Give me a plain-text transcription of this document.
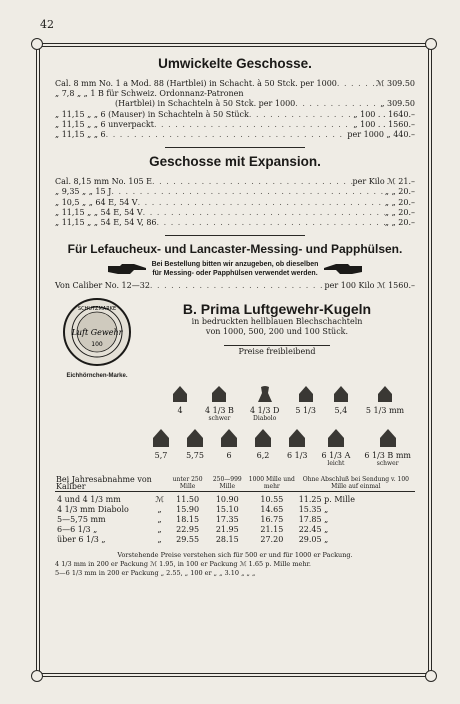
42
Umwickelte Geschosse.
Cal. 8 mm No. 1 a Mod. 88 (Hartblei) in Schacht. à 50 Stck. per 1000 . . .	ℳ 309.50
„ 7,8 „ „ 1 B für Schweiz. Ordonnanz-Patronen
(Hartblei) in Schachteln à 50 Stck. per 1000 . . .	„ 309.50
„ 11,15 „ „ 6 (Mauser) in Schachteln à 50 Stück . . .	„ 100 . . 1640.–
„ 11,15 „ „ 6 unverpackt . . .	„ 100 . . 1560.–
„ 11,15 „ „ 6 . . .	per 1000 „ 440.–
Geschosse mit Expansion.
Cal. 8,15 mm No. 105 E . . .	per Kilo ℳ 21.–
„ 9,35 „ „ 15 J . . .	„ „ 20.–
„ 10,5 „ „ 64 E, 54 V . . .	„ „ 20.–
„ 11,15 „ „ 54 E, 54 V . . .	„ „ 20.–
„ 11,15 „ „ 54 E, 54 V, 86 . . .	„ „ 20.–
Für Lefaucheux- und Lancaster-Messing- und Papphülsen.
Bei Bestellung bitten wir anzugeben, ob dieselben
für Messing- oder Papphülsen verwendet werden.
Von Caliber No. 12—32 . . .	per 100 Kilo ℳ 1560.–
SCHUTZMARKE
Luft Gewehr
100
Eichhörnchen-Marke.
B. Prima Luftgewehr-Kugeln
in bedruckten hellblauen Blechschachteln
von 1000, 500, 200 und 100 Stück.
Preise freibleibend
4	4 1/3 B
schwer
4 1/3 D
Diabolo
5 1/3	5,4	5 1/3 mm
5,7	5,75	6	6,2	6 1/3 6 1/3 A
leicht
6 1/3 B mm
schwer
Bei Jahresabnahme von Kaliber		unter 250 Mille	250—999 Mille	1000 Mille und mehr	Ohne Abschluß bei Sendung v. 100 Mille auf einmal
4 und 4 1/3 mm	ℳ	11.50	10.90	10.55	11.25 p. Mille
4 1/3 mm Diabolo	„	15.90	15.10	14.65	15.35 „
5—5,75 mm	„	18.15	17.35	16.75	17.85 „
6—6 1/3 „	„	22.95	21.95	21.15	22.45 „
über 6 1/3 „	„	29.55	28.15	27.20	29.05 „
Vorstehende Preise verstehen sich für 500 er und für 1000 er Packung.
4 1/3 mm in 200 er Packung ℳ 1.95, in 100 er Packung ℳ 1.65 p. Mille mehr.
5—6 1/3 mm in 200 er Packung „ 2.55, „ 100 er „ „ 3.10 „ „ „
